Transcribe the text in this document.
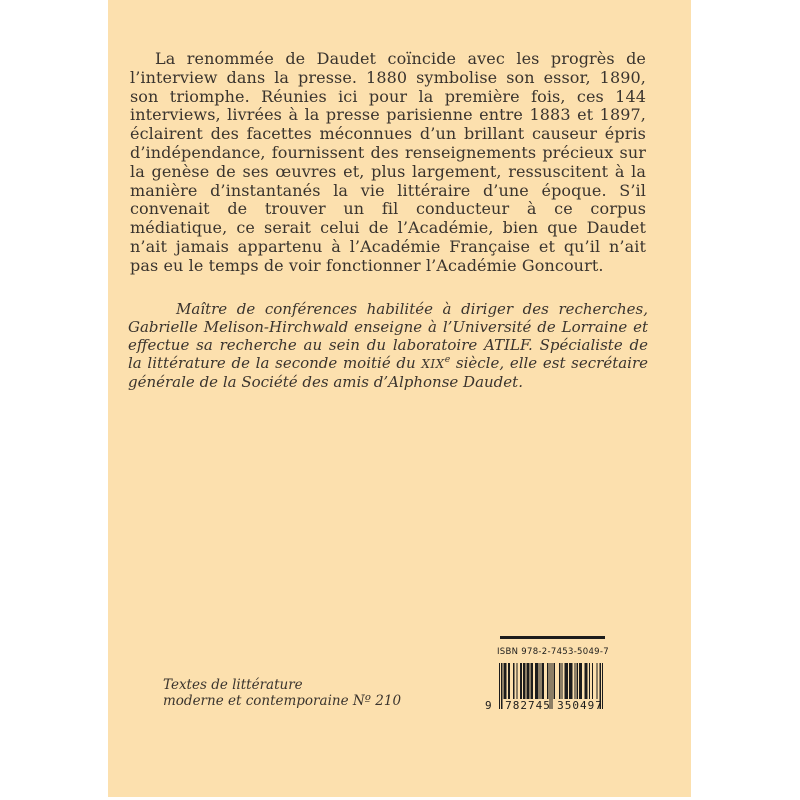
La renommée de Daudet coïncide avec les progrès de l’interview dans la presse. 1880 symbolise son essor, 1890, son triomphe. Réunies ici pour la première fois, ces 144 interviews, livrées à la presse parisienne entre 1883 et 1897, éclairent des facettes méconnues d’un brillant causeur épris d’indépendance, fournissent des renseignements précieux sur la genèse de ses œuvres et, plus largement, ressuscitent à la manière d’instantanés la vie littéraire d’une époque. S’il convenait de trouver un fil conducteur à ce corpus médiatique, ce serait celui de l’Académie, bien que Daudet n’ait jamais appartenu à l’Académie Française et qu’il n’ait pas eu le temps de voir fonctionner l’Académie Goncourt.

Maître de conférences habilitée à diriger des recherches, Gabrielle Melison-Hirchwald enseigne à l’Université de Lorraine et effectue sa recherche au sein du laboratoire ATILF. Spécialiste de la littérature de la seconde moitié du XIXe siècle, elle est secrétaire générale de la Société des amis d’Alphonse Daudet.

Textes de littérature
moderne et contemporaine Nº 210
ISBN 978-2-7453-5049-7
9 782745 350497
